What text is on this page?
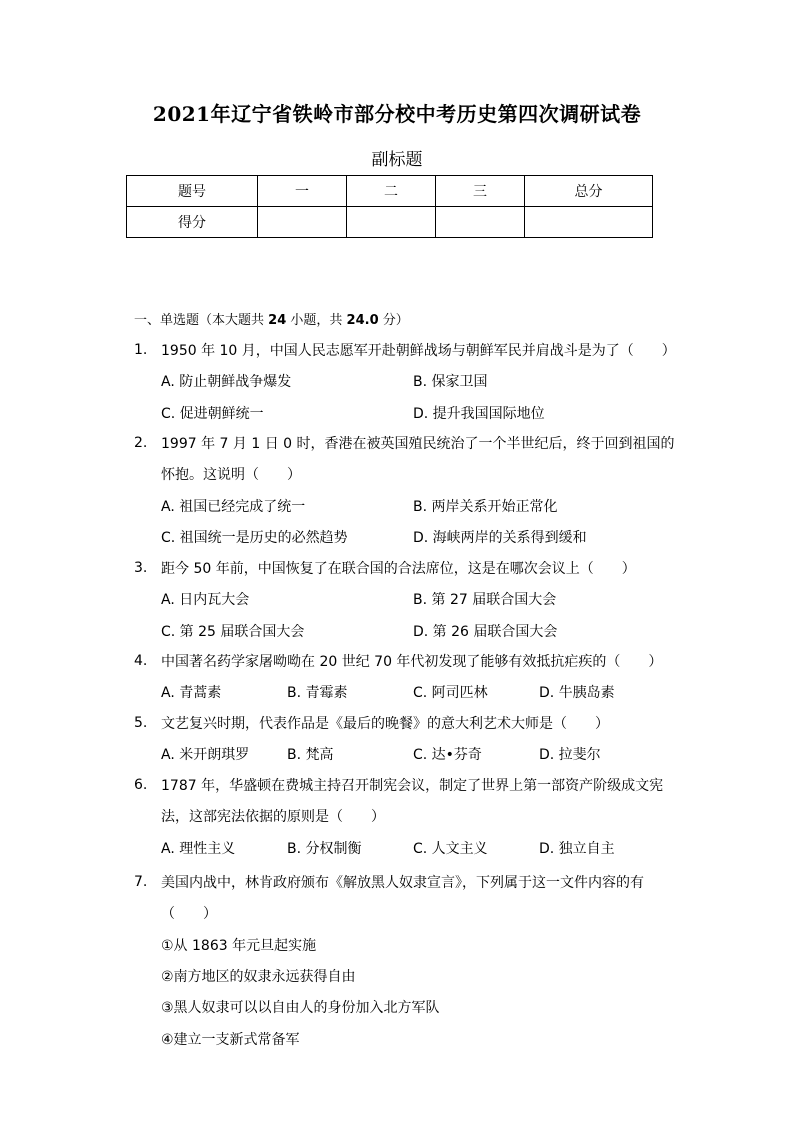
2021年辽宁省铁岭市部分校中考历史第四次调研试卷
副标题
题号	一	二	三	总分
得分				
一、单选题（本大题共 24 小题，共 24.0 分）
1. 1950 年 10 月，中国人民志愿军开赴朝鲜战场与朝鲜军民并肩战斗是为了（　　）
A. 防止朝鲜战争爆发	B. 保家卫国
C. 促进朝鲜统一	D. 提升我国国际地位
2. 1997 年 7 月 1 日 0 时，香港在被英国殖民统治了一个半世纪后，终于回到祖国的
怀抱。这说明（　　）
A. 祖国已经完成了统一	B. 两岸关系开始正常化
C. 祖国统一是历史的必然趋势	D. 海峡两岸的关系得到缓和
3. 距今 50 年前，中国恢复了在联合国的合法席位，这是在哪次会议上（　　）
A. 日内瓦大会	B. 第 27 届联合国大会
C. 第 25 届联合国大会	D. 第 26 届联合国大会
4. 中国著名药学家屠呦呦在 20 世纪 70 年代初发现了能够有效抵抗疟疾的（　　）
A. 青蒿素	B. 青霉素	C. 阿司匹林	D. 牛胰岛素
5. 文艺复兴时期，代表作品是《最后的晚餐》的意大利艺术大师是（　　）
A. 米开朗琪罗	B. 梵高	C. 达•芬奇	D. 拉斐尔
6. 1787 年，华盛顿在费城主持召开制宪会议，制定了世界上第一部资产阶级成文宪
法，这部宪法依据的原则是（　　）
A. 理性主义	B. 分权制衡	C. 人文主义	D. 独立自主
7. 美国内战中，林肯政府颁布《解放黑人奴隶宣言》，下列属于这一文件内容的有
（　　）
①从 1863 年元旦起实施
②南方地区的奴隶永远获得自由
③黑人奴隶可以以自由人的身份加入北方军队
④建立一支新式常备军
